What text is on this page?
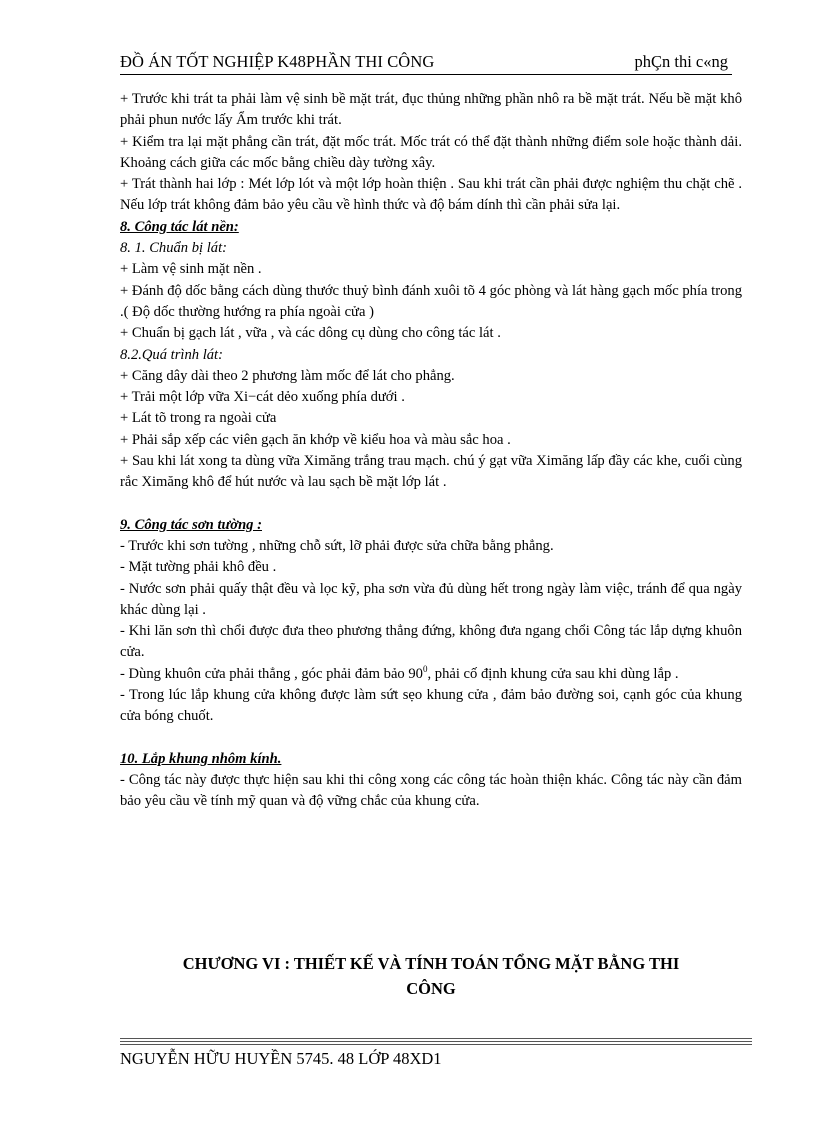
ĐỒ ÁN TỐT NGHIỆP K48PHẦN THI CÔNG	phÇn thi c«ng

+ Trước khi trát ta phải làm vệ sinh bề mặt trát, đục thủng những phần nhô ra bề mặt trát. Nếu bề mặt khô phải phun nước lấy Ẩm trước khi trát.

+ Kiểm tra lại mặt phẳng cần trát, đặt mốc trát. Mốc trát có thể đặt thành những điểm sole hoặc thành dải. Khoảng cách giữa các mốc bằng chiều dày tường xây.

+ Trát thành hai lớp : Mét lớp lót và một lớp hoàn thiện . Sau khi trát cần phải được nghiệm thu chặt chẽ . Nếu lớp trát không đảm bảo yêu cầu về hình thức và độ bám dính thì cần phải sửa lại.

8. Công tác lát nền:

8. 1. Chuẩn bị lát:

+ Làm vệ sinh mặt nền .

+ Đánh độ dốc bằng cách dùng thước thuỷ bình đánh xuôi tõ 4 góc phòng và lát hàng gạch mốc phía trong .( Độ dốc thường hướng ra phía ngoài cửa )

+ Chuẩn bị gạch lát , vữa , và các dông cụ dùng cho công tác lát .

8.2.Quá trình lát:

+ Căng dây dài theo 2 phương làm mốc để lát cho phẳng.

+ Trải một lớp vữa Xi−cát dẻo xuống phía dưới .

+ Lát tõ trong ra ngoài cửa

+ Phải sắp xếp các viên gạch ăn khớp về kiểu hoa và màu sắc hoa .

+ Sau khi lát xong ta dùng vữa Ximăng trắng trau mạch. chú ý gạt vữa Ximăng lấp đầy các khe, cuối cùng rắc Ximăng khô để hút nước và lau sạch bề mặt lớp lát .

9. Công tác sơn tường :

- Trước khi sơn tường , những chỗ sứt, lỡ phải được sửa chữa bằng phẳng.

- Mặt tường phải khô đều .

- Nước sơn phải quấy thật đều và lọc kỹ, pha sơn vừa đủ dùng hết trong ngày làm việc, tránh để qua ngày khác dùng lại .

- Khi lăn sơn thì chổi được đưa theo phương thẳng đứng, không đưa ngang chổi Công tác lắp dựng khuôn cửa.

- Dùng khuôn cửa phải thẳng , góc phải đảm bảo $90^0$, phải cố định khung cửa sau khi dùng lắp .

- Trong lúc lắp khung cửa không được làm sứt sẹo khung cửa , đảm bảo đường soi, cạnh góc của khung cửa bóng chuốt.

10. Lắp khung nhôm kính.

- Công tác này được thực hiện sau khi thi công xong các công tác hoàn thiện khác. Công tác này cần đảm bảo yêu cầu về tính mỹ quan và độ vững chắc của khung cửa.

CHƯƠNG VI : THIẾT KẾ VÀ TÍNH TOÁN TỔNG MẶT BẰNG THI
CÔNG
NGUYỄN HỮU HUYỀN 5745. 48 LỚP 48XD1
